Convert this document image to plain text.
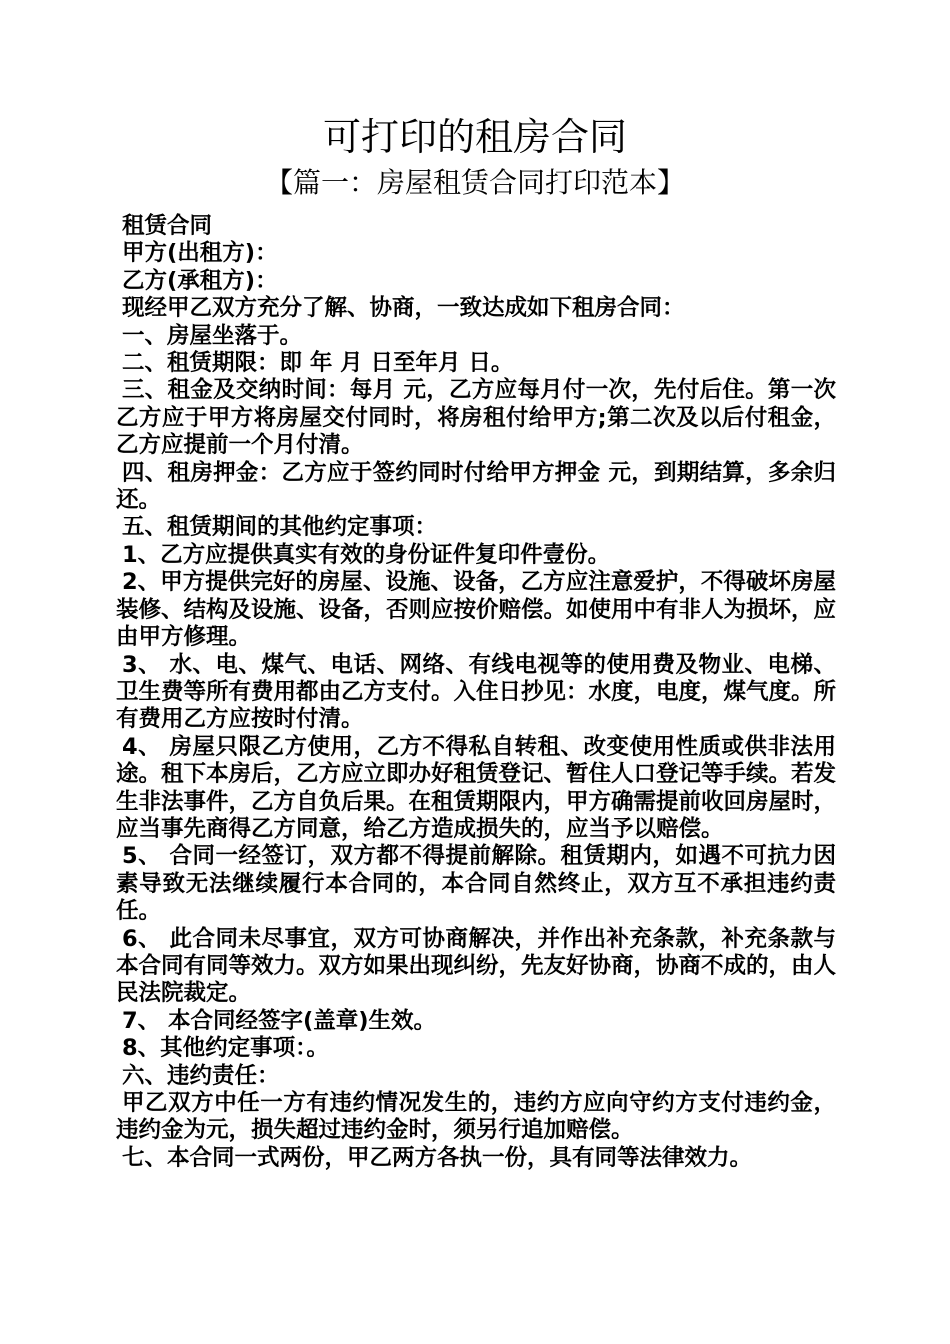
可打印的租房合同
【篇一：房屋租赁合同打印范本】

租赁合同

甲方(出租方)：

乙方(承租方)：

现经甲乙双方充分了解、协商，一致达成如下租房合同：

一、房屋坐落于。

二、租赁期限：即 年 月 日至年月 日。

三、租金及交纳时间：每月 元，乙方应每月付一次，先付后住。第一次乙方应于甲方将房屋交付同时，将房租付给甲方;第二次及以后付租金，乙方应提前一个月付清。

四、租房押金：乙方应于签约同时付给甲方押金 元，到期结算，多余归还。

五、租赁期间的其他约定事项：

1、乙方应提供真实有效的身份证件复印件壹份。

2、甲方提供完好的房屋、设施、设备，乙方应注意爱护，不得破坏房屋装修、结构及设施、设备，否则应按价赔偿。如使用中有非人为损坏，应由甲方修理。

3、 水、电、煤气、电话、网络、有线电视等的使用费及物业、电梯、卫生费等所有费用都由乙方支付。入住日抄见：水度，电度，煤气度。所有费用乙方应按时付清。

4、 房屋只限乙方使用，乙方不得私自转租、改变使用性质或供非法用途。租下本房后，乙方应立即办好租赁登记、暂住人口登记等手续。若发生非法事件，乙方自负后果。在租赁期限内，甲方确需提前收回房屋时，应当事先商得乙方同意，给乙方造成损失的，应当予以赔偿。

5、 合同一经签订，双方都不得提前解除。租赁期内，如遇不可抗力因素导致无法继续履行本合同的，本合同自然终止，双方互不承担违约责任。

6、 此合同未尽事宜，双方可协商解决，并作出补充条款，补充条款与本合同有同等效力。双方如果出现纠纷，先友好协商，协商不成的，由人民法院裁定。

7、 本合同经签字(盖章)生效。

8、其他约定事项：。

六、违约责任：

甲乙双方中任一方有违约情况发生的，违约方应向守约方支付违约金，违约金为元，损失超过违约金时，须另行追加赔偿。

七、本合同一式两份，甲乙两方各执一份，具有同等法律效力。
